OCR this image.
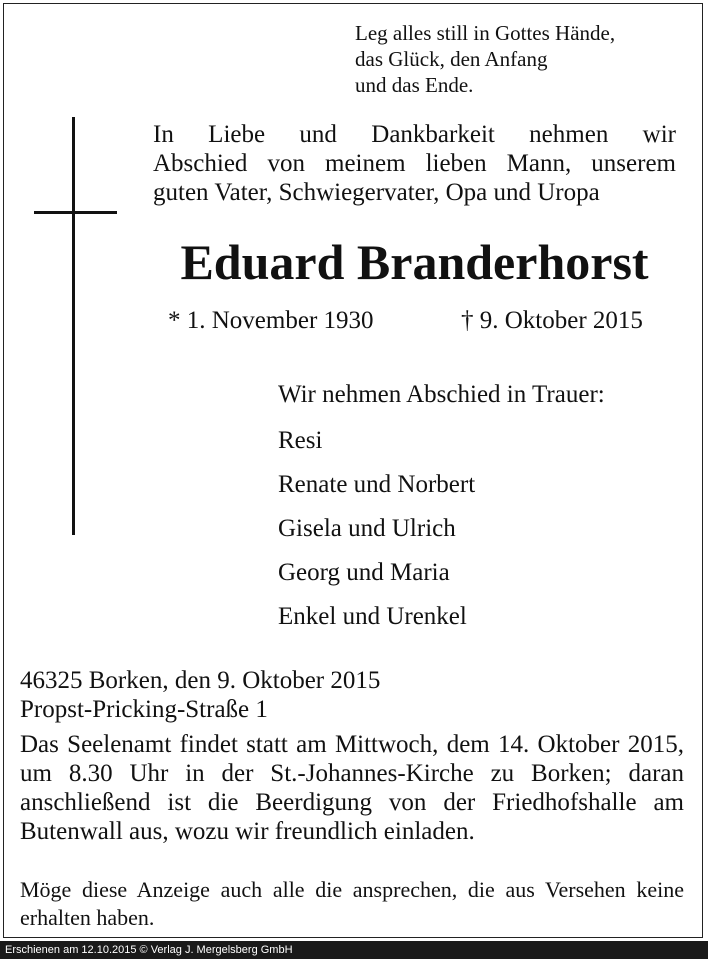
Leg alles still in Gottes Hände,
das Glück, den Anfang
und das Ende.
In Liebe und Dankbarkeit nehmen wir
Abschied von meinem lieben Mann, unserem
guten Vater, Schwiegervater, Opa und Uropa
Eduard Branderhorst
* 1. November 1930	† 9. Oktober 2015
Wir nehmen Abschied in Trauer:
Resi
Renate und Norbert
Gisela und Ulrich
Georg und Maria
Enkel und Urenkel
46325 Borken, den 9. Oktober 2015
Propst-Pricking-Straße 1
Das Seelenamt findet statt am Mittwoch, dem 14. Oktober 2015, um 8.30 Uhr in der St.-Johannes-Kirche zu Borken; daran anschließend ist die Beerdigung von der Friedhofshalle am Butenwall aus, wozu wir freundlich einladen.
Möge diese Anzeige auch alle die ansprechen, die aus Versehen keine erhalten haben.
Erschienen am 12.10.2015 © Verlag J. Mergelsberg GmbH
